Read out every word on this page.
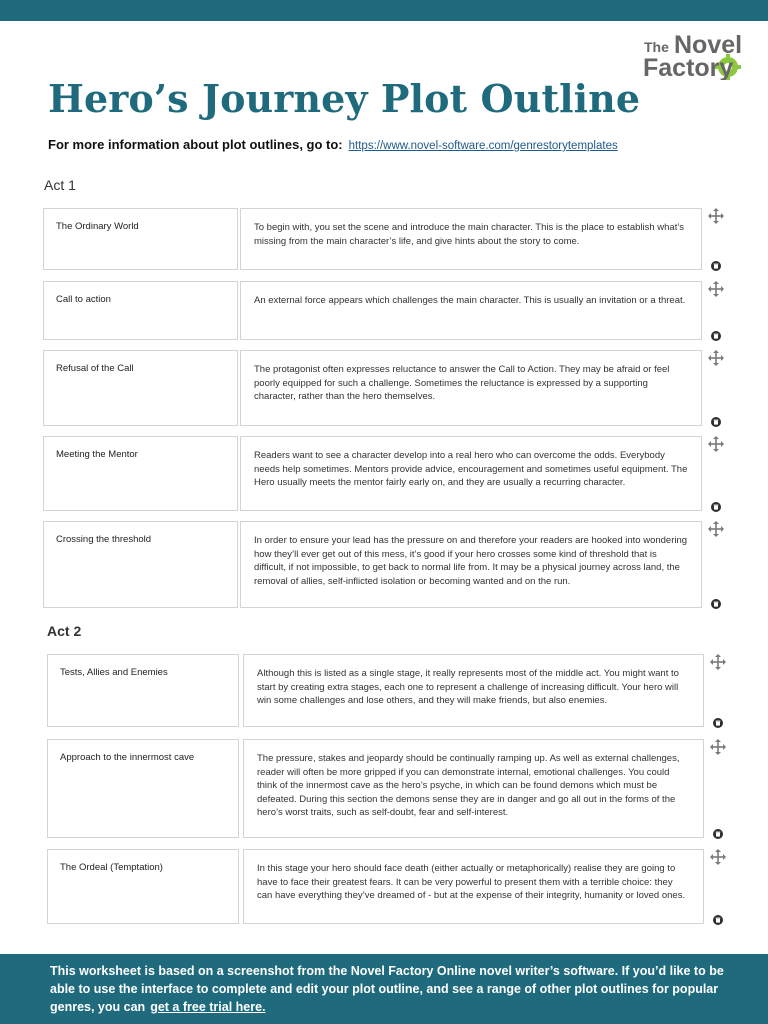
The Novel
Factory
Hero’s Journey Plot Outline
For more information about plot outlines, go to: https://www.novel-software.com/genrestorytemplates
Act 1
The Ordinary World	To begin with, you set the scene and introduce the main character. This is the place to establish what’s missing from the main character’s life, and give hints about the story to come.
Call to action	An external force appears which challenges the main character. This is usually an invitation or a threat.
Refusal of the Call	The protagonist often expresses reluctance to answer the Call to Action. They may be afraid or feel poorly equipped for such a challenge. Sometimes the reluctance is expressed by a supporting character, rather than the hero themselves.
Meeting the Mentor	Readers want to see a character develop into a real hero who can overcome the odds. Everybody needs help sometimes. Mentors provide advice, encouragement and sometimes useful equipment. The Hero usually meets the mentor fairly early on, and they are usually a recurring character.
Crossing the threshold	In order to ensure your lead has the pressure on and therefore your readers are hooked into wondering how they’ll ever get out of this mess, it’s good if your hero crosses some kind of threshold that is difficult, if not impossible, to get back to normal life from. It may be a physical journey across land, the removal of allies, self-inflicted isolation or becoming wanted and on the run.
Act 2
Tests, Allies and Enemies	Although this is listed as a single stage, it really represents most of the middle act. You might want to start by creating extra stages, each one to represent a challenge of increasing difficult. Your hero will win some challenges and lose others, and they will make friends, but also enemies.
Approach to the innermost cave	The pressure, stakes and jeopardy should be continually ramping up. As well as external challenges, reader will often be more gripped if you can demonstrate internal, emotional challenges. You could think of the innermost cave as the hero’s psyche, in which can be found demons which must be defeated. During this section the demons sense they are in danger and go all out in the forms of the hero’s worst traits, such as self-doubt, fear and self-interest.
The Ordeal (Temptation)	In this stage your hero should face death (either actually or metaphorically) realise they are going to have to face their greatest fears. It can be very powerful to present them with a terrible choice: they can have everything they’ve dreamed of - but at the expense of their integrity, humanity or loved ones.

This worksheet is based on a screenshot from the Novel Factory Online novel writer’s software. If you’d like to be able to use the interface to complete and edit your plot outline, and see a range of other plot outlines for popular genres, you can get a free trial here.
